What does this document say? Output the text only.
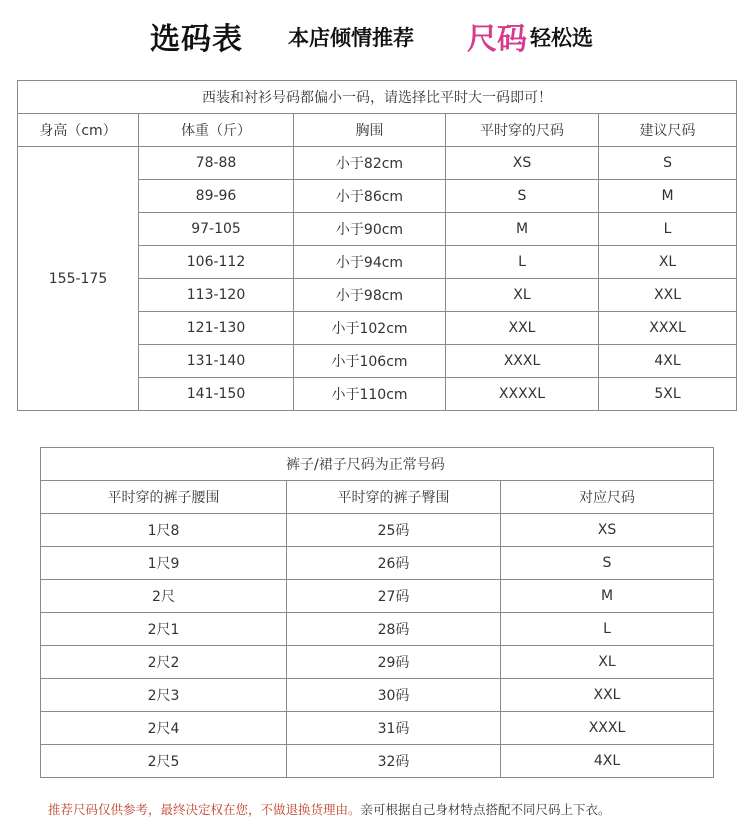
选码表 本店倾情推荐 尺码 轻松选
西装和衬衫号码都偏小一码，请选择比平时大一码即可！				
身高（cm）	体重（斤）	胸围	平时穿的尺码	建议尺码
155-175	78-88	小于82cm	XS	S
	89-96	小于86cm	S	M
	97-105	小于90cm	M	L
	106-112	小于94cm	L	XL
	113-120	小于98cm	XL	XXL
	121-130	小于102cm	XXL	XXXL
	131-140	小于106cm	XXXL	4XL
	141-150	小于110cm	XXXXL	5XL
裤子/裙子尺码为正常号码		
平时穿的裤子腰围	平时穿的裤子臀围	对应尺码
1尺8	25码	XS
1尺9	26码	S
2尺	27码	M
2尺1	28码	L
2尺2	29码	XL
2尺3	30码	XXL
2尺4	31码	XXXL
2尺5	32码	4XL
推荐尺码仅供参考，最终决定权在您，不做退换货理由。亲可根据自己身材特点搭配不同尺码上下衣。
